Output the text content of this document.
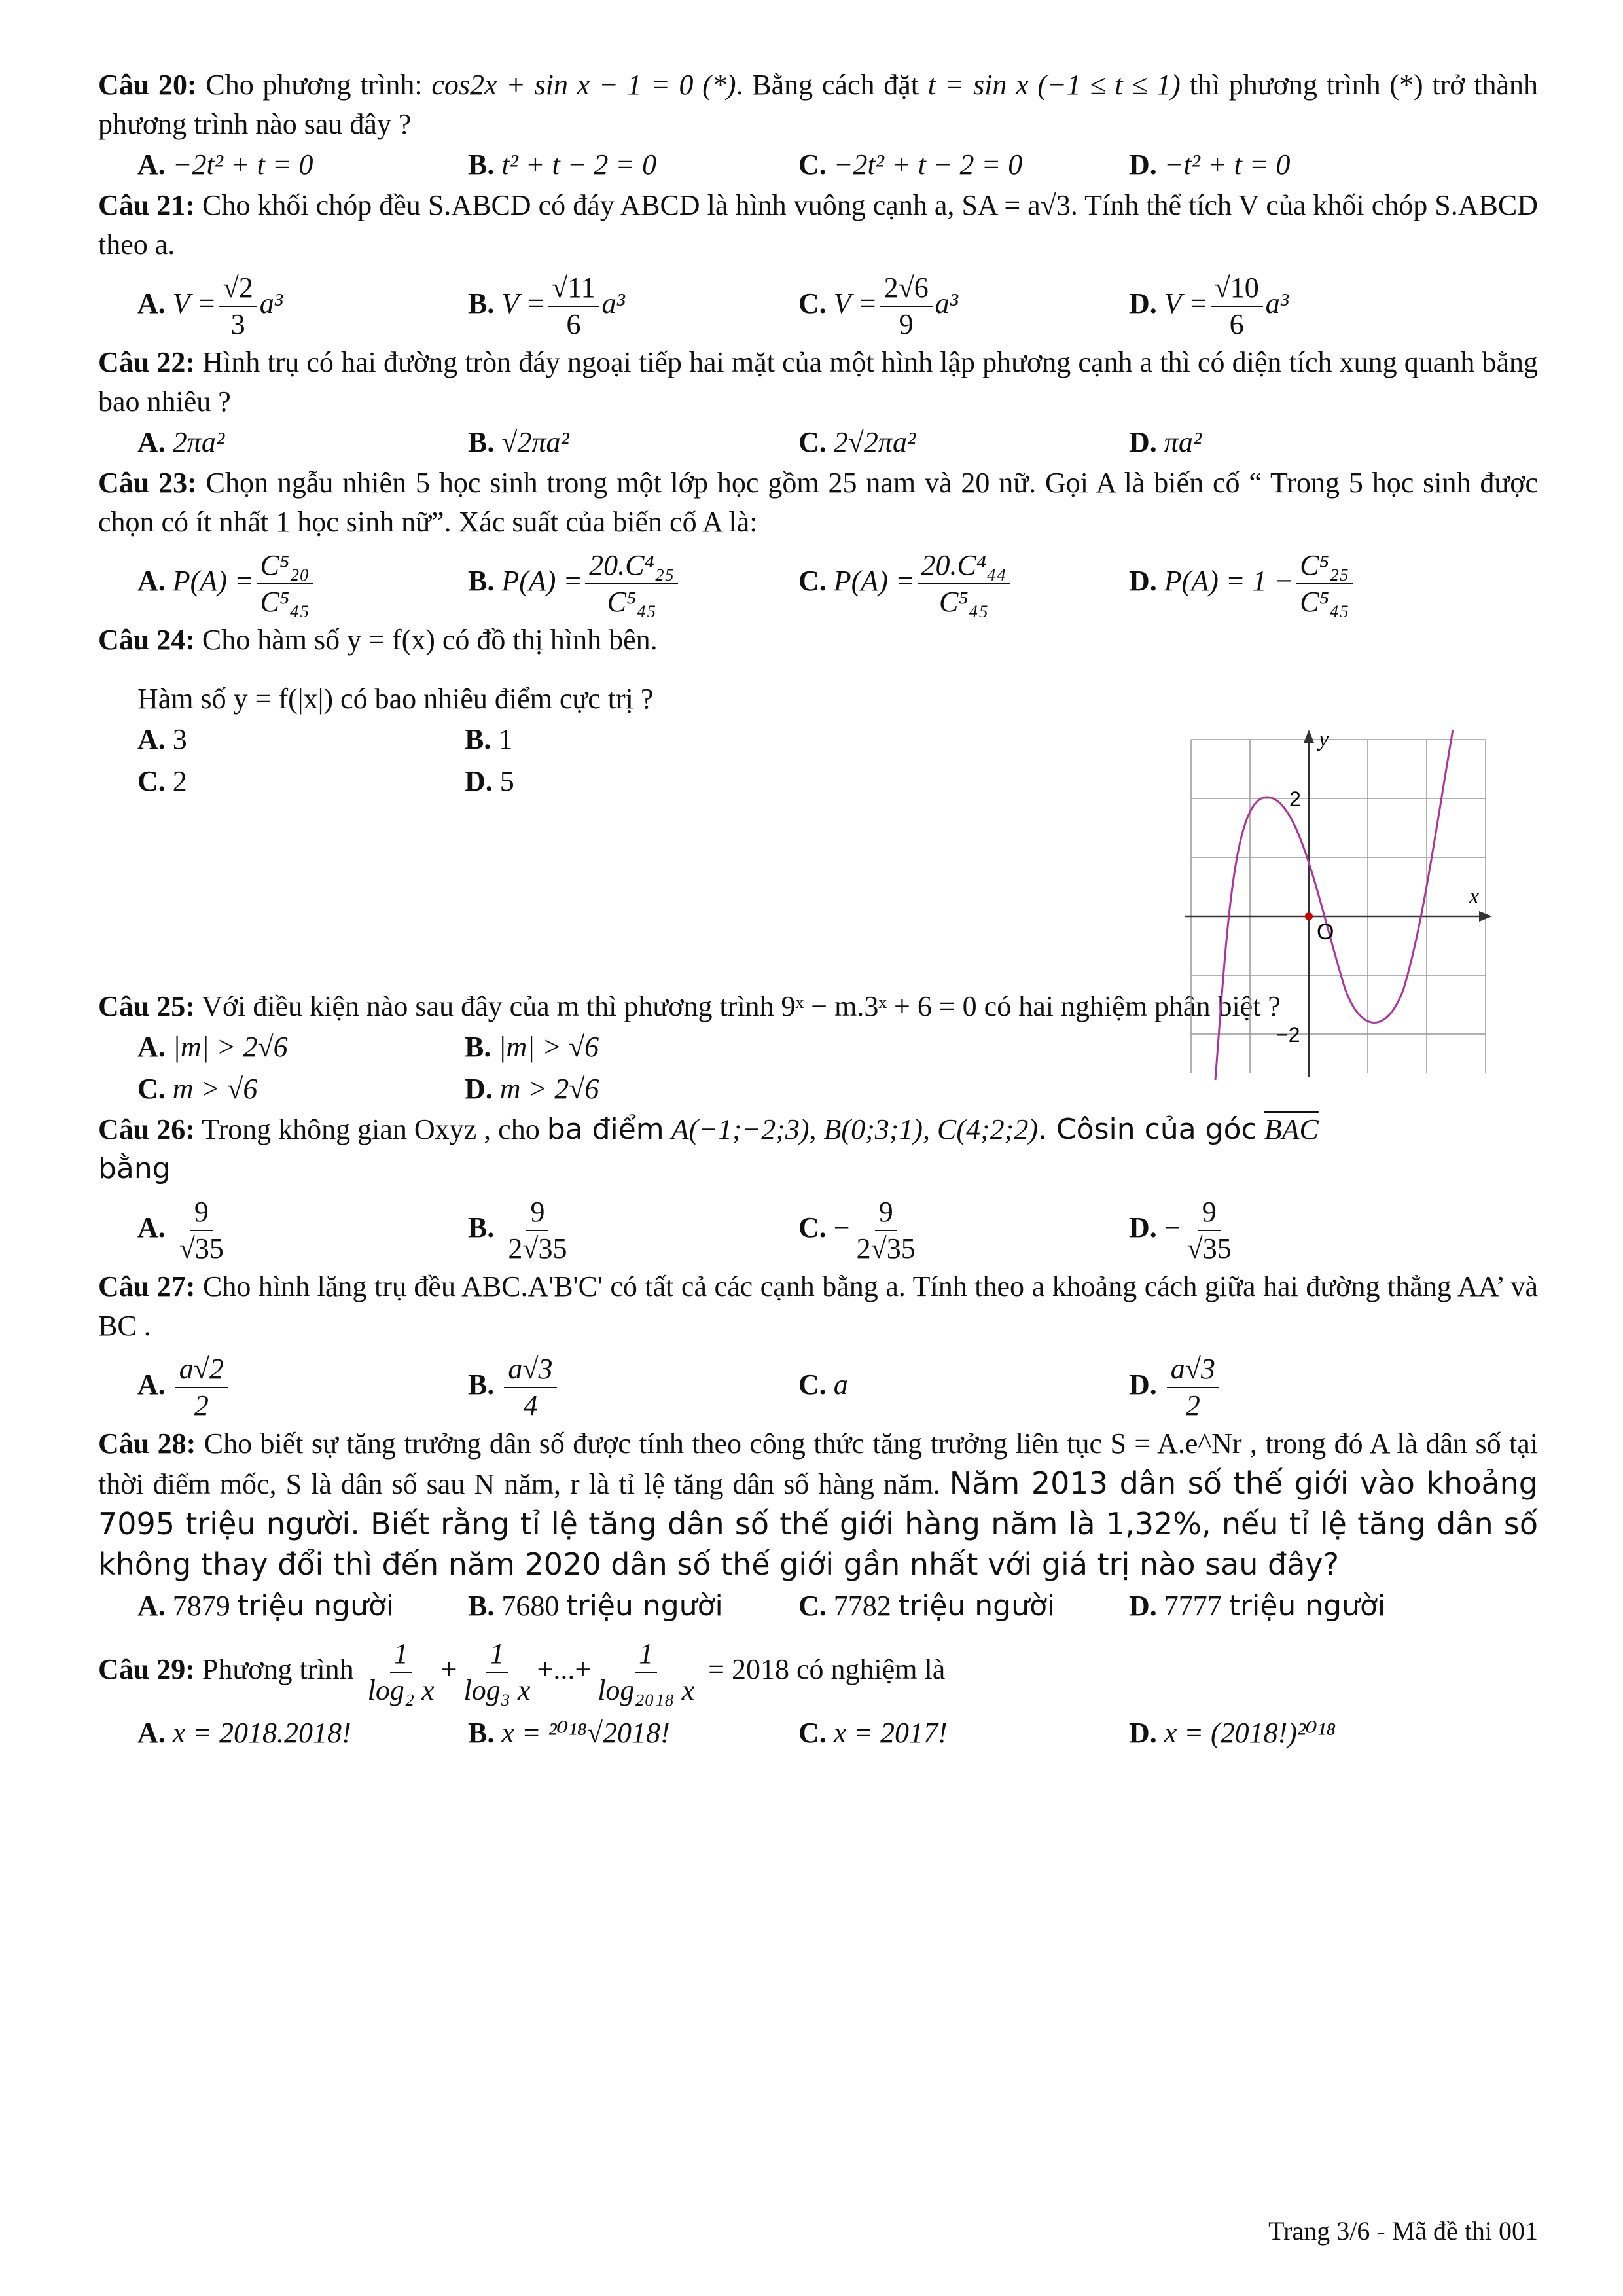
Câu 20: Cho phương trình: cos2x + sin x − 1 = 0 (*). Bằng cách đặt t = sin x (−1 ≤ t ≤ 1) thì phương trình (*) trở thành phương trình nào sau đây ?
A. −2t² + t = 0	B. t² + t − 2 = 0	C. −2t² + t − 2 = 0	D. −t² + t = 0
Câu 21: Cho khối chóp đều S.ABCD có đáy ABCD là hình vuông cạnh a, SA = a√3. Tính thể tích V của khối chóp S.ABCD theo a.
A. $V = \frac{√2}{3} a^3$	B. $V = \frac{√11}{6} a^3$	C. $V = \frac{2√6}{9} a^3$	D. $V = \frac{√10}{6} a^3$
Câu 22: Hình trụ có hai đường tròn đáy ngoại tiếp hai mặt của một hình lập phương cạnh a thì có diện tích xung quanh bằng bao nhiêu ?
A. 2πa²	B. √2πa²	C. 2√2πa²	D. πa²
Câu 23: Chọn ngẫu nhiên 5 học sinh trong một lớp học gồm 25 nam và 20 nữ. Gọi A là biến cố “ Trong 5 học sinh được chọn có ít nhất 1 học sinh nữ”. Xác suất của biến cố A là:
A. $P(A) = \frac{\text{C⁵₂₀}}{\text{C⁵₄₅}}$	B. $P(A) = \frac{\text{20.C⁴₂₅}}{\text{C⁵₄₅}}$	C. $P(A) = \frac{\text{20.C⁴₄₄}}{\text{C⁵₄₅}}$	D. $P(A) = 1 - \frac{\text{C⁵₂₅}}{\text{C⁵₄₅}}$
Câu 24: Cho hàm số y = f(x) có đồ thị hình bên.
Hàm số y = f(|x|) có bao nhiêu điểm cực trị ?
A. 3	B. 1
C. 2	D. 5
Câu 25: Với điều kiện nào sau đây của m thì phương trình 9ˣ − m.3ˣ + 6 = 0 có hai nghiệm phân biệt ?
A. |m| > 2√6	B. |m| > √6
C. m > √6	D. m > 2√6
Câu 26: Trong không gian Oxyz , cho ba điểm A(−1;−2;3), B(0;3;1), C(4;2;2). Côsin của góc $\overline{BAC}$
bằng
A. $\frac{9}{√35}$	B. $\frac{9}{2√35}$	C. − $\frac{9}{2√35}$	D. − $\frac{9}{√35}$
Câu 27: Cho hình lăng trụ đều ABC.A'B'C' có tất cả các cạnh bằng a. Tính theo a khoảng cách giữa hai đường thẳng AA’ và BC .
A. $\frac{a√2}{2}$	B. $\frac{a√3}{4}$	C. a	D. $\frac{a√3}{2}$
Câu 28: Cho biết sự tăng trưởng dân số được tính theo công thức tăng trưởng liên tục S = A.e^Nr , trong đó A là dân số tại thời điểm mốc, S là dân số sau N năm, r là tỉ lệ tăng dân số hàng năm. Năm 2013 dân số thế giới vào khoảng 7095 triệu người. Biết rằng tỉ lệ tăng dân số thế giới hàng năm là 1,32%, nếu tỉ lệ tăng dân số không thay đổi thì đến năm 2020 dân số thế giới gần nhất với giá trị nào sau đây?
A. 7879 triệu người	B. 7680 triệu người	C. 7782 triệu người	D. 7777 triệu người
Câu 29: Phương trình $\frac{1}{\text{log₂ x}} + \frac{1}{\text{log₃ x}}$ +...+ $\frac{1}{\text{log₂₀₁₈ x}} = 2018$ có nghiệm là
A. x = 2018.2018!	B. x = ²⁰¹⁸√2018!	C. x = 2017!	D. x = (2018!)²⁰¹⁸
y
x
O
2
−2
Trang 3/6 - Mã đề thi 001
